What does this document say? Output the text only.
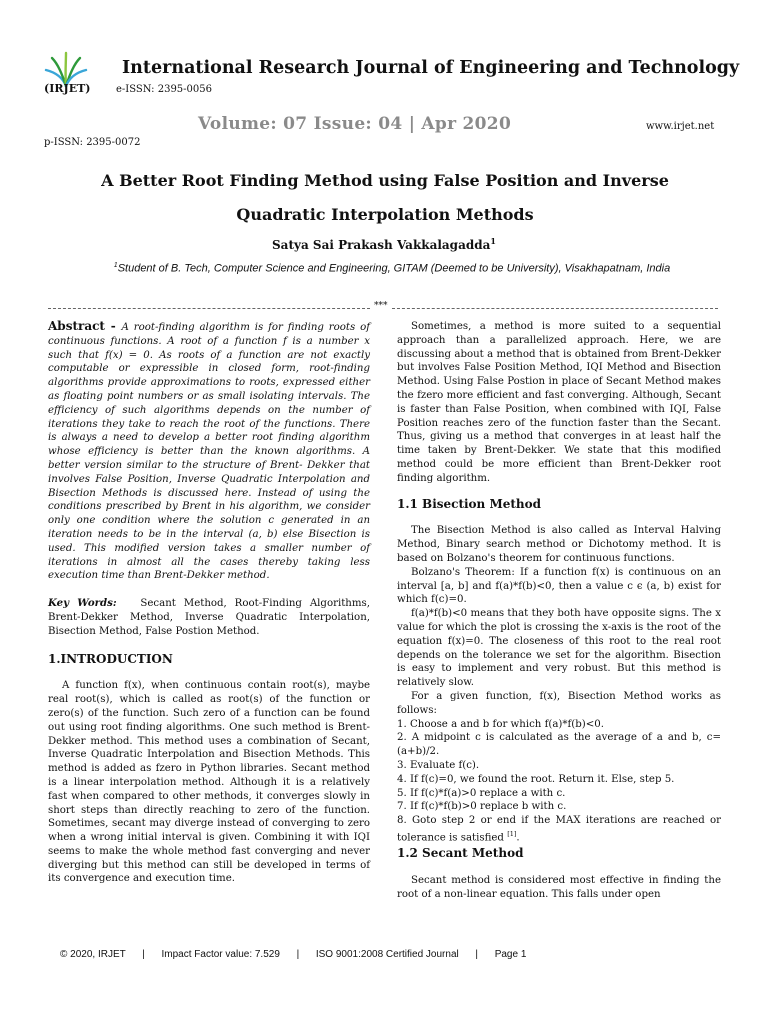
(IRJET)
International Research Journal of Engineering and Technology
e-ISSN: 2395-0056
Volume: 07 Issue: 04 | Apr 2020	www.irjet.net
p-ISSN: 2395-0072
A Better Root Finding Method using False Position and Inverse
Quadratic Interpolation Methods
Satya Sai Prakash Vakkalagadda$^1$
$^1$Student of B. Tech, Computer Science and Engineering, GITAM (Deemed to be University), Visakhapatnam, India
***

Abstract - A root-finding algorithm is for finding roots of continuous functions. A root of a function f is a number x such that f(x) = 0. As roots of a function are not exactly computable or expressible in closed form, root-finding algorithms provide approximations to roots, expressed either as floating point numbers or as small isolating intervals. The efficiency of such algorithms depends on the number of iterations they take to reach the root of the functions. There is always a need to develop a better root finding algorithm whose efficiency is better than the known algorithms. A better version similar to the structure of Brent- Dekker that involves False Position, Inverse Quadratic Interpolation and Bisection Methods is discussed here. Instead of using the conditions prescribed by Brent in his algorithm, we consider only one condition where the solution c generated in an iteration needs to be in the interval (a, b) else Bisection is used. This modified version takes a smaller number of iterations in almost all the cases thereby taking less execution time than Brent-Dekker method.

Key Words: Secant Method, Root-Finding Algorithms, Brent-Dekker Method, Inverse Quadratic Interpolation, Bisection Method, False Postion Method.

1.INTRODUCTION

A function f(x), when continuous contain root(s), maybe real root(s), which is called as root(s) of the function or zero(s) of the function. Such zero of a function can be found out using root finding algorithms. One such method is Brent-Dekker method. This method uses a combination of Secant, Inverse Quadratic Interpolation and Bisection Methods. This method is added as fzero in Python libraries. Secant method is a linear interpolation method. Although it is a relatively fast when compared to other methods, it converges slowly in short steps than directly reaching to zero of the function. Sometimes, secant may diverge instead of converging to zero when a wrong initial interval is given. Combining it with IQI seems to make the whole method fast converging and never diverging but this method can still be developed in terms of its convergence and execution time.

Sometimes, a method is more suited to a sequential approach than a parallelized approach. Here, we are discussing about a method that is obtained from Brent-Dekker but involves False Position Method, IQI Method and Bisection Method. Using False Postion in place of Secant Method makes the fzero more efficient and fast converging. Although, Secant is faster than False Position, when combined with IQI, False Position reaches zero of the function faster than the Secant. Thus, giving us a method that converges in at least half the time taken by Brent-Dekker. We state that this modified method could be more efficient than Brent-Dekker root finding algorithm.

1.1 Bisection Method

The Bisection Method is also called as Interval Halving Method, Binary search method or Dichotomy method. It is based on Bolzano's theorem for continuous functions.

Bolzano's Theorem: If a function f(x) is continuous on an interval [a, b] and f(a)*f(b)<0, then a value c ϵ (a, b) exist for which f(c)=0.

f(a)*f(b)<0 means that they both have opposite signs. The x value for which the plot is crossing the x-axis is the root of the equation f(x)=0. The closeness of this root to the real root depends on the tolerance we set for the algorithm. Bisection is easy to implement and very robust. But this method is relatively slow.

For a given function, f(x), Bisection Method works as follows:

1. Choose a and b for which f(a)*f(b)<0.

2. A midpoint c is calculated as the average of a and b, c=(a+b)/2.

3. Evaluate f(c).

4. If f(c)=0, we found the root. Return it. Else, step 5.

5. If f(c)*f(a)>0 replace a with c.

7. If f(c)*f(b)>0 replace b with c.

8. Goto step 2 or end if the MAX iterations are reached or tolerance is satisfied [1].

1.2 Secant Method

Secant method is considered most effective in finding the root of a non-linear equation. This falls under open

© 2020, IRJET | Impact Factor value: 7.529 | ISO 9001:2008 Certified Journal | Page 1
